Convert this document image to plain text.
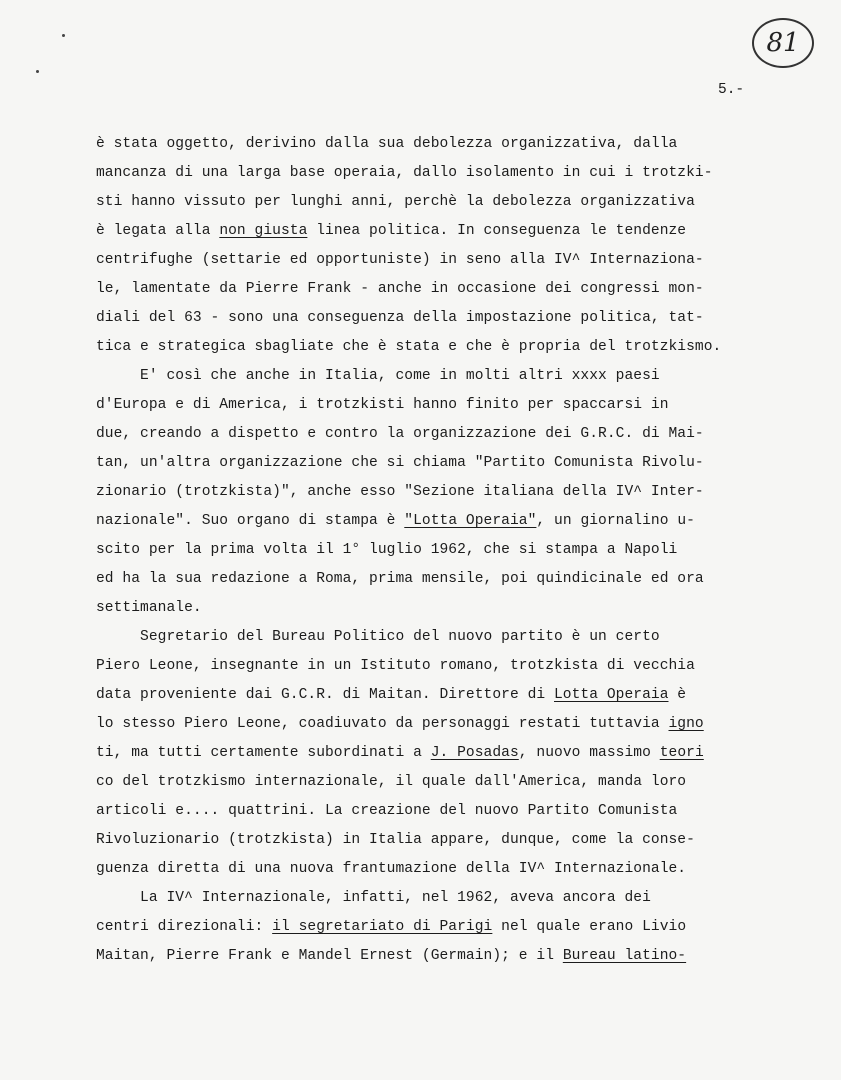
81
5.-
è stata oggetto, derivino dalla sua debolezza organizzativa, dalla
mancanza di una larga base operaia, dallo isolamento in cui i trotzki-
sti hanno vissuto per lunghi anni, perchè la debolezza organizzativa
è legata alla non giusta linea politica. In conseguenza le tendenze
centrifughe (settarie ed opportuniste) in seno alla IV^ Internaziona-
le, lamentate da Pierre Frank - anche in occasione dei congressi mon-
diali del 63 - sono una conseguenza della impostazione politica, tat-
tica e strategica sbagliate che è stata e che è propria del trotzkismo.
E' così che anche in Italia, come in molti altri xxxx paesi
d'Europa e di America, i trotzkisti hanno finito per spaccarsi in
due, creando a dispetto e contro la organizzazione dei G.R.C. di Mai-
tan, un'altra organizzazione che si chiama "Partito Comunista Rivolu-
zionario (trotzkista)", anche esso "Sezione italiana della IV^ Inter-
nazionale". Suo organo di stampa è "Lotta Operaia", un giornalino u-
scito per la prima volta il 1° luglio 1962, che si stampa a Napoli
ed ha la sua redazione a Roma, prima mensile, poi quindicinale ed ora
settimanale.
Segretario del Bureau Politico del nuovo partito è un certo
Piero Leone, insegnante in un Istituto romano, trotzkista di vecchia
data proveniente dai G.C.R. di Maitan. Direttore di Lotta Operaia è
lo stesso Piero Leone, coadiuvato da personaggi restati tuttavia igno
ti, ma tutti certamente subordinati a J. Posadas, nuovo massimo teori
co del trotzkismo internazionale, il quale dall'America, manda loro
articoli e.... quattrini. La creazione del nuovo Partito Comunista
Rivoluzionario (trotzkista) in Italia appare, dunque, come la conse-
guenza diretta di una nuova frantumazione della IV^ Internazionale.
La IV^ Internazionale, infatti, nel 1962, aveva ancora dei
centri direzionali: il segretariato di Parigi nel quale erano Livio
Maitan, Pierre Frank e Mandel Ernest (Germain); e il Bureau latino-
